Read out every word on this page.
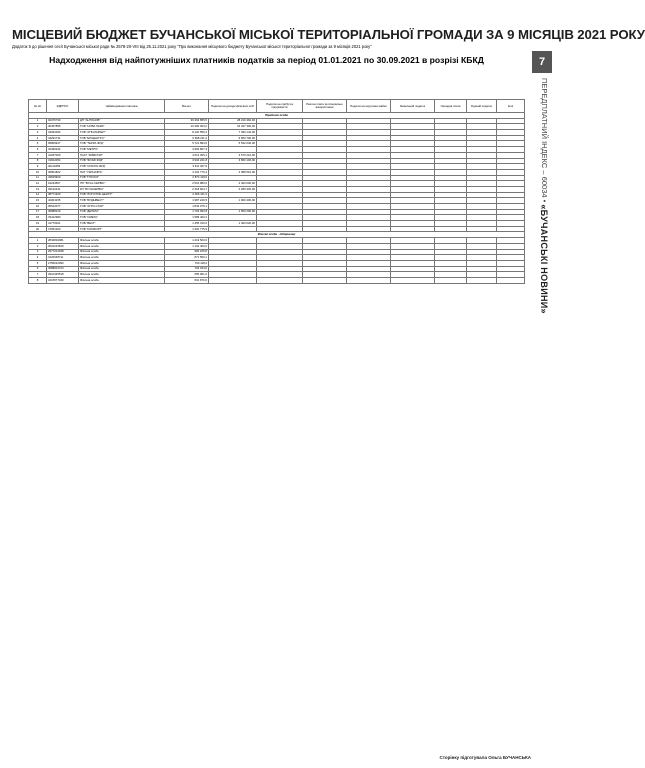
МІСЦЕВИЙ БЮДЖЕТ БУЧАНСЬКОЇ МІСЬКОЇ ТЕРИТОРІАЛЬНОЇ ГРОМАДИ ЗА 9 МІСЯЦІВ 2021 РОКУ
Додаток 5 до рішення сесії Бучанської міської ради № 2578-20-VIII від 25.11.2021 року "Про виконання місцевого бюджету Бучанської міської територіальної громади за 9 місяців 2021 року"
Надходження від найпотужніших платників податків за період 01.01.2021 по 30.09.2021 в розрізі КБКД	7
ПЕРЕДПЛАТНИЙ ІНДЕКС – 60034 • «БУЧАНСЬКІ НОВИНИ»
№ з/п	ЄДРПОУ	Найменування платника	Всього	Податок на доходи фізичних осіб	Податок на прибуток підприємств	Рентна плата за спеціальне використання	Податок на нерухоме майно	Земельний податок	Орендна плата	Єдиний податок	Інші
Юридичні особи											
1	02476730	ДП "АНТОНОВ"	36 462 855,5	28 210 462,00							
2	40457855	ТОВ "НОВА ЛІНІЯ"	16 484 003,2	16 347 300,00							
3	43094183	ТОВ "АТБ-МАРКЕТ"	8 120 556,2	7 390 144,00							
4	44291731	ТОВ "ЕПІЦЕНТР К"	6 998 211,4	6 900 700,00							
5	05809917	ТОВ "ТЕРРА ФУД"	5 721 894,6	5 532 040,00							
6	32490244	ТОВ "МЕТРО"	4 992 807,3								
7	41267000	ПрАТ "КИЇВСТАР"	4 612 305,1	4 570 210,00							
8	31812054	ТОВ "ФОЗЗІ ФУД"	3 904 221,8	3 860 100,00							
9	40119455	ТОВ "СІЛЬПО-ФУД"	3 611 457,9								
10	36801822	ПАТ "УКРНАФТА"	3 102 770,4	2 998 510,00							
11	43815920	ТОВ "ГЛУСКО"	2 874 119,6								
12	01234567	ПП "БУЧА-СЕРВІС"	2 501 880,0	2 400 000,00							
13	39122441	КП "БУЧАСЕРВІС"	2 318 604,7	2 280 330,00							
14	38771920	ТОВ "ЛОГІСТИК-ЦЕНТР"	2 066 411,3								
15	42003155	ТОВ "БУДІНВЕСТ"	1 987 220,5	1 900 400,00							
16	35512077	ТОВ "АГРО-СТАР"	1 844 075,1								
17	40888210	ТОВ "ДЕЛЬТА"	1 702 993,8	1 650 200,00							
18	33412980	ТОВ "ОМЕГА"	1 589 400,2								
19	41770021	ТОВ "ВЕСТ"	1 455 310,6	1 400 020,00							
20	37651200	ТОВ "КОМФОРТ"	1 320 775,9								
Фізичні особи - підприємці											
1	2834819081	Фізична особа	1 219 503,0								
2	3001243819	Фізична особа	1 102 400,0								
3	2977014458	Фізична особа	984 225,8								
4	3120048711	Фізична особа	871 560,1								
5	2756012093	Фізична особа	790 118,4								
6	3088901724	Фізична особа	702 344,6								
7	2910445518	Фізична особа	655 901,2								
8	3215577040	Фізична особа	601 870,0								
Сторінку підготувала Ольга БУЧАНСЬКА
